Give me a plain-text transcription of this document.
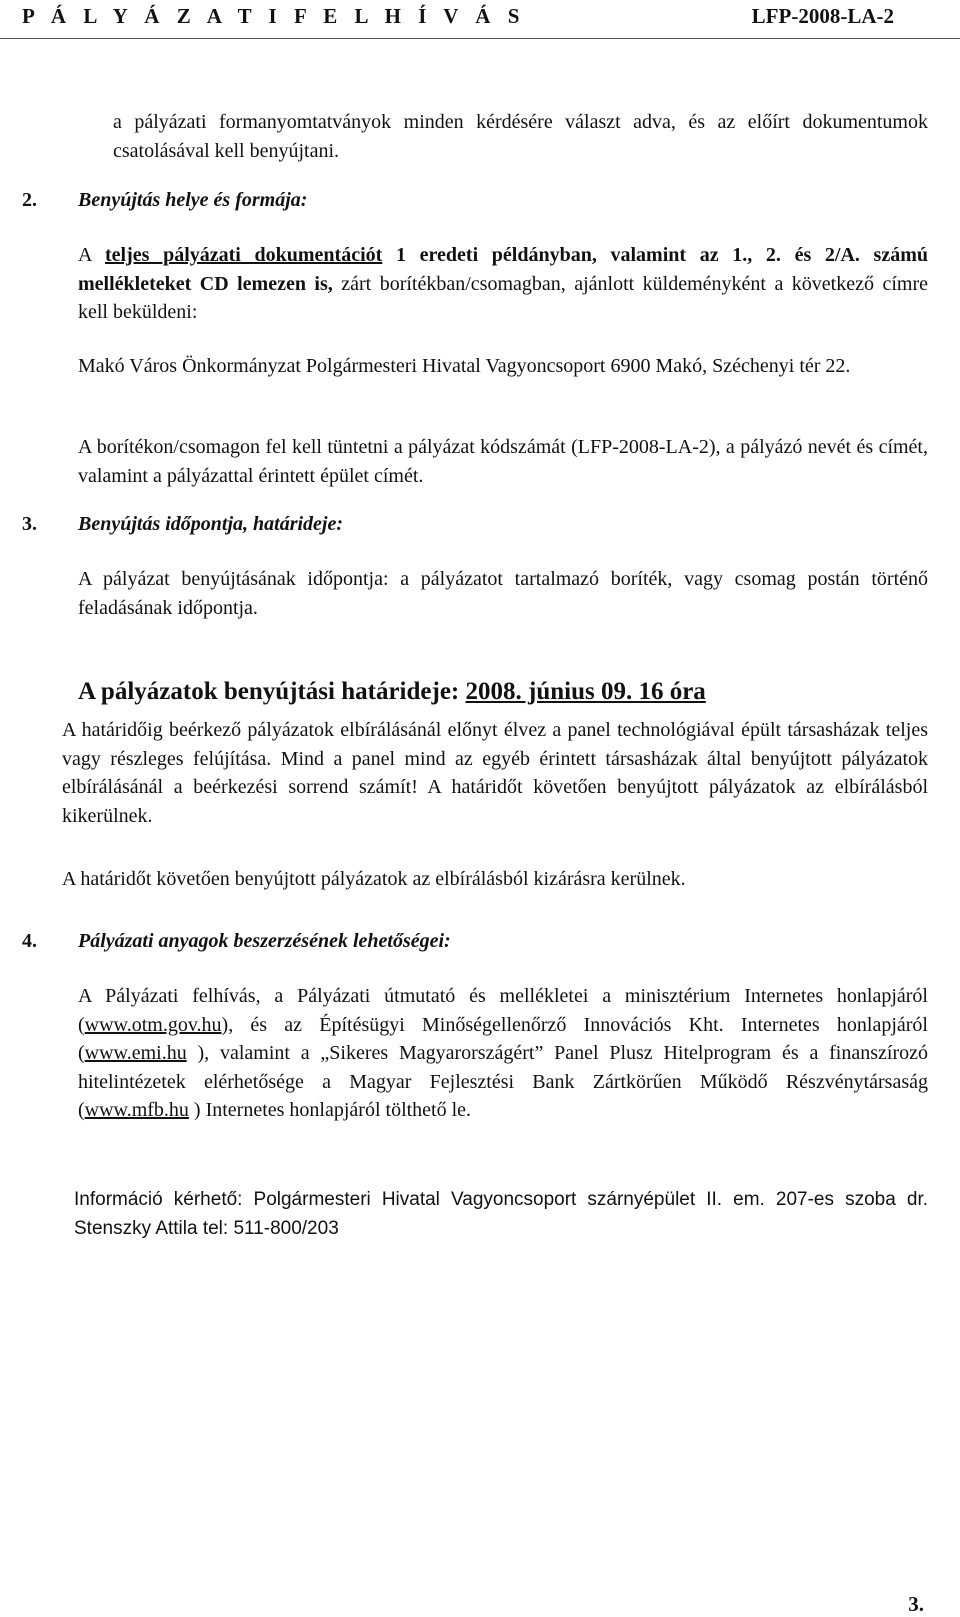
P Á L Y Á Z A T I F E L H Í V Á S	LFP-2008-LA-2
a pályázati formanyomtatványok minden kérdésére választ adva, és az előírt dokumentumok csatolásával kell benyújtani.
2. Benyújtás helye és formája:
A teljes pályázati dokumentációt 1 eredeti példányban, valamint az 1., 2. és 2/A. számú mellékleteket CD lemezen is, zárt borítékban/csomagban, ajánlott küldeményként a következő címre kell beküldeni:
Makó Város Önkormányzat Polgármesteri Hivatal Vagyoncsoport 6900 Makó, Széchenyi tér 22.
A borítékon/csomagon fel kell tüntetni a pályázat kódszámát (LFP-2008-LA-2), a pályázó nevét és címét, valamint a pályázattal érintett épület címét.
3. Benyújtás időpontja, határideje:
A pályázat benyújtásának időpontja: a pályázatot tartalmazó boríték, vagy csomag postán történő feladásának időpontja.
A pályázatok benyújtási határideje: 2008. június 09. 16 óra
A határidőig beérkező pályázatok elbírálásánál előnyt élvez a panel technológiával épült társasházak teljes vagy részleges felújítása. Mind a panel mind az egyéb érintett társasházak által benyújtott pályázatok elbírálásánál a beérkezési sorrend számít! A határidőt követően benyújtott pályázatok az elbírálásból kikerülnek.
A határidőt követően benyújtott pályázatok az elbírálásból kizárásra kerülnek.
4. Pályázati anyagok beszerzésének lehetőségei:
A Pályázati felhívás, a Pályázati útmutató és mellékletei a minisztérium Internetes honlapjáról (www.otm.gov.hu), és az Építésügyi Minőségellenőrző Innovációs Kht. Internetes honlapjáról (www.emi.hu ), valamint a „Sikeres Magyarországért” Panel Plusz Hitelprogram és a finanszírozó hitelintézetek elérhetősége a Magyar Fejlesztési Bank Zártkörűen Működő Részvénytársaság (www.mfb.hu ) Internetes honlapjáról tölthető le.
Információ kérhető: Polgármesteri Hivatal Vagyoncsoport szárnyépület II. em. 207-es szoba dr. Stenszky Attila tel: 511-800/203
3.
